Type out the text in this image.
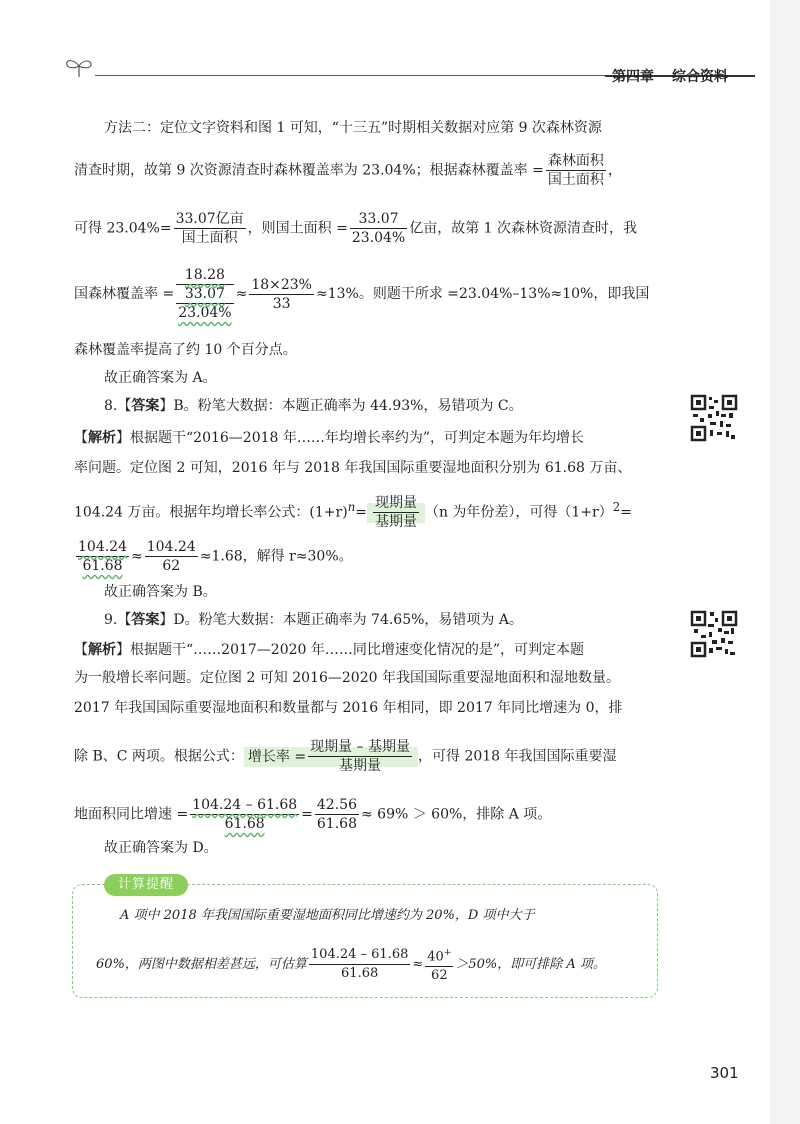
第四章 综合资料
方法二：定位文字资料和图 1 可知，“十三五”时期相关数据对应第 9 次森林资源
清查时期，故第 9 次资源清查时森林覆盖率为 23.04%；根据森林覆盖率 = $\frac{\text{森林面积}}{\text{国土面积}}$ ，
可得 $23.04\%= \frac{\text{33.07亿亩}}{\text{国土面积}}$ ，则国土面积 = $\frac{33.07}{23.04\%}$ 亿亩，故第 1 次森林资源清查时，我
国森林覆盖率 =
18.28
33.07
23.04%
≈ $\frac{18\times 23\%}{33} \approx 13\%$。则题干所求 =23.04%–13%≈10%，即我国
森林覆盖率提高了约 10 个百分点。
故正确答案为 A。
8.【答案】B。粉笔大数据：本题正确率为 44.93%，易错项为 C。
【解析】根据题干“2016—2018 年……年均增长率约为”，可判定本题为年均增长
率问题。定位图 2 可知，2016 年与 2018 年我国国际重要湿地面积分别为 61.68 万亩、
104.24 万亩。根据年均增长率公式：$(1+r)^n= \frac{\text{现期量}}{\text{基期量}} (n$ 为年份差），可得$(1+r)^2=$
$\frac{104.24}{61.68} \approx \frac{104.24}{62} \approx 1.68$，解得 r≈30%。
故正确答案为 B。
9.【答案】D。粉笔大数据：本题正确率为 74.65%，易错项为 A。
【解析】根据题干“……2017—2020 年……同比增速变化情况的是”，可判定本题
为一般增长率问题。定位图 2 可知 2016—2020 年我国国际重要湿地面积和湿地数量。
2017 年我国国际重要湿地面积和数量都与 2016 年相同，即 2017 年同比增速为 0，排
除 B、C 两项。根据公式： 增长率 = $\frac{\text{现期量 – 基期量}}{\text{基期量}}$ ，可得 2018 年我国国际重要湿
地面积同比增速 = $\frac{104.24 - 61.68}{61.68} = \frac{42.56}{61.68} \approx 69\% > 60\%$，排除 A 项。
故正确答案为 D。
计算提醒
A 项中 2018 年我国国际重要湿地面积同比增速约为 20%，D 项中大于
60%，两图中数据相差甚远，可估算 $\frac{104.24 - 61.68}{61.68} \approx \frac{40^+}{62} >50\%$，即可排除 A 项。
301
